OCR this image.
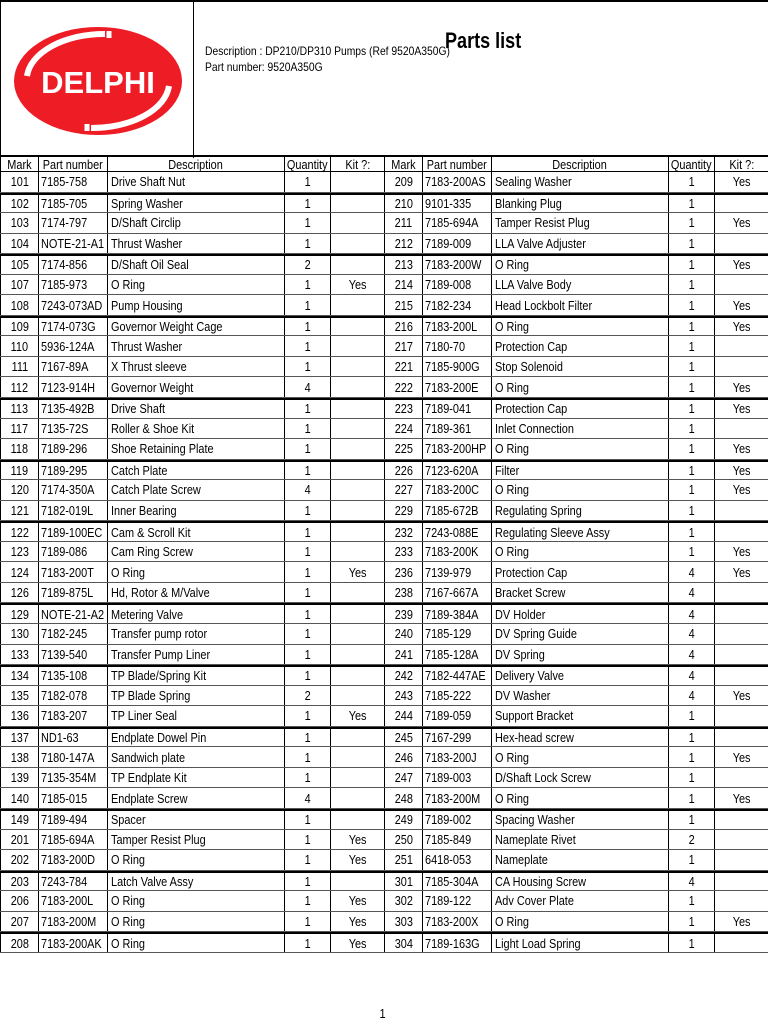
DELPHI
Description : DP210/DP310 Pumps (Ref 9520A350G)
Part number: 9520A350G
Parts list
Mark Part number	Description	Quantity Kit ?:
101 7185-758 Drive Shaft Nut	1
102 7185-705 Spring Washer	1
103 7174-797 D/Shaft Circlip	1
104 NOTE-21-A1 Thrust Washer	1
105 7174-856 D/Shaft Oil Seal	2
107 7185-973 O Ring	1	Yes
108 7243-073AD Pump Housing	1
109 7174-073G Governor Weight Cage	1
110 5936-124A Thrust Washer	1
111 7167-89A X Thrust sleeve	1
112 7123-914H Governor Weight	4
113 7135-492B Drive Shaft	1
117 7135-72S Roller & Shoe Kit	1
118 7189-296 Shoe Retaining Plate	1
119 7189-295 Catch Plate	1
120 7174-350A Catch Plate Screw	4
121 7182-019L Inner Bearing	1
122 7189-100EC Cam & Scroll Kit	1
123 7189-086 Cam Ring Screw	1
124 7183-200T O Ring	1	Yes
126 7189-875L Hd, Rotor & M/Valve	1
129 NOTE-21-A2 Metering Valve	1
130 7182-245 Transfer pump rotor	1
133 7139-540 Transfer Pump Liner	1
134 7135-108 TP Blade/Spring Kit	1
135 7182-078 TP Blade Spring	2
136 7183-207 TP Liner Seal	1	Yes
137 ND1-63 Endplate Dowel Pin	1
138 7180-147A Sandwich plate	1
139 7135-354M TP Endplate Kit	1
140 7185-015 Endplate Screw	4
149 7189-494 Spacer	1
201 7185-694A Tamper Resist Plug	1	Yes
202 7183-200D O Ring	1	Yes
203 7243-784 Latch Valve Assy	1
206 7183-200L O Ring	1	Yes
207 7183-200M O Ring	1	Yes
208 7183-200AK O Ring	1	Yes
Mark Part number	Description	Quantity Kit ?:
209 7183-200AS Sealing Washer	1	Yes
210 9101-335 Blanking Plug	1
211 7185-694A Tamper Resist Plug	1	Yes
212 7189-009 LLA Valve Adjuster	1
213 7183-200W O Ring	1	Yes
214 7189-008 LLA Valve Body	1
215 7182-234 Head Lockbolt Filter	1	Yes
216 7183-200L O Ring	1	Yes
217 7180-70 Protection Cap	1
221 7185-900G Stop Solenoid	1
222 7183-200E O Ring	1	Yes
223 7189-041 Protection Cap	1	Yes
224 7189-361 Inlet Connection	1
225 7183-200HP O Ring	1	Yes
226 7123-620A Filter	1	Yes
227 7183-200C O Ring	1	Yes
229 7185-672B Regulating Spring	1
232 7243-088E Regulating Sleeve Assy	1
233 7183-200K O Ring	1	Yes
236 7139-979 Protection Cap	4	Yes
238 7167-667A Bracket Screw	4
239 7189-384A DV Holder	4
240 7185-129 DV Spring Guide	4
241 7185-128A DV Spring	4
242 7182-447AE Delivery Valve	4
243 7185-222 DV Washer	4	Yes
244 7189-059 Support Bracket	1
245 7167-299 Hex-head screw	1
246 7183-200J O Ring	1	Yes
247 7189-003 D/Shaft Lock Screw	1
248 7183-200M O Ring	1	Yes
249 7189-002 Spacing Washer	1
250 7185-849 Nameplate Rivet	2
251 6418-053 Nameplate	1
301 7185-304A CA Housing Screw	4
302 7189-122 Adv Cover Plate	1
303 7183-200X O Ring	1	Yes
304 7189-163G Light Load Spring	1
1
